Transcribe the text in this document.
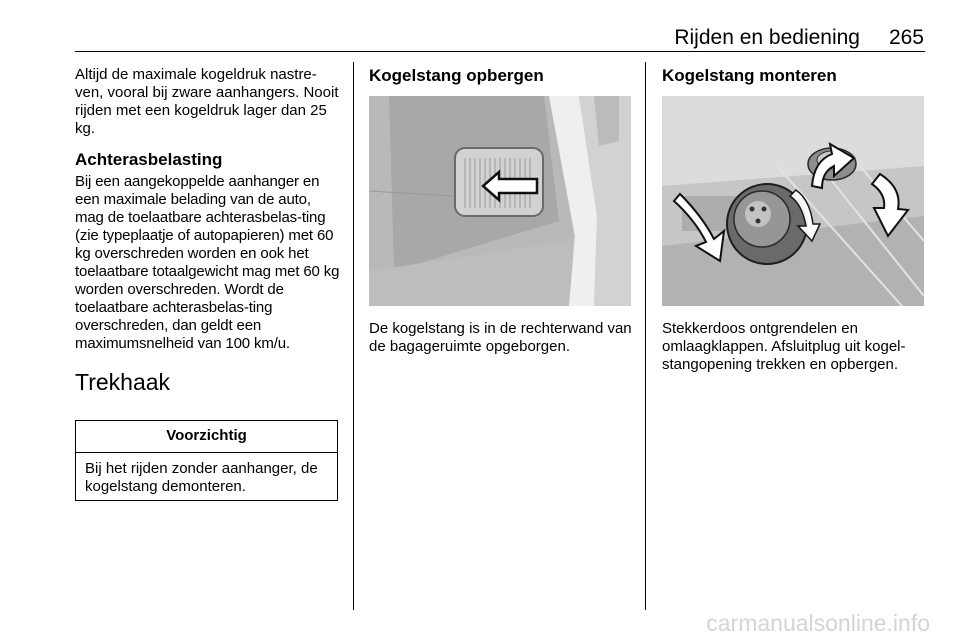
Rijden en bediening	265

Altijd de maximale kogeldruk nastre-ven, vooral bij zware aanhangers. Nooit rijden met een kogeldruk lager dan 25 kg.

Achterasbelasting

Bij een aangekoppelde aanhanger en een maximale belading van de auto, mag de toelaatbare achterasbelas-ting (zie typeplaatje of autopapieren) met 60 kg overschreden worden en ook het toelaatbare totaalgewicht mag met 60 kg worden overschreden. Wordt de toelaatbare achterasbelas-ting overschreden, dan geldt een maximumsnelheid van 100 km/u.

Trekhaak

Voorzichtig
Bij het rijden zonder aanhanger, de kogelstang demonteren.
Kogelstang opbergen
De kogelstang is in de rechterwand van de bagageruimte opgeborgen.
Kogelstang monteren
Stekkerdoos ontgrendelen en omlaagklappen. Afsluitplug uit kogel-stangopening trekken en opbergen.
carmanualsonline.info
